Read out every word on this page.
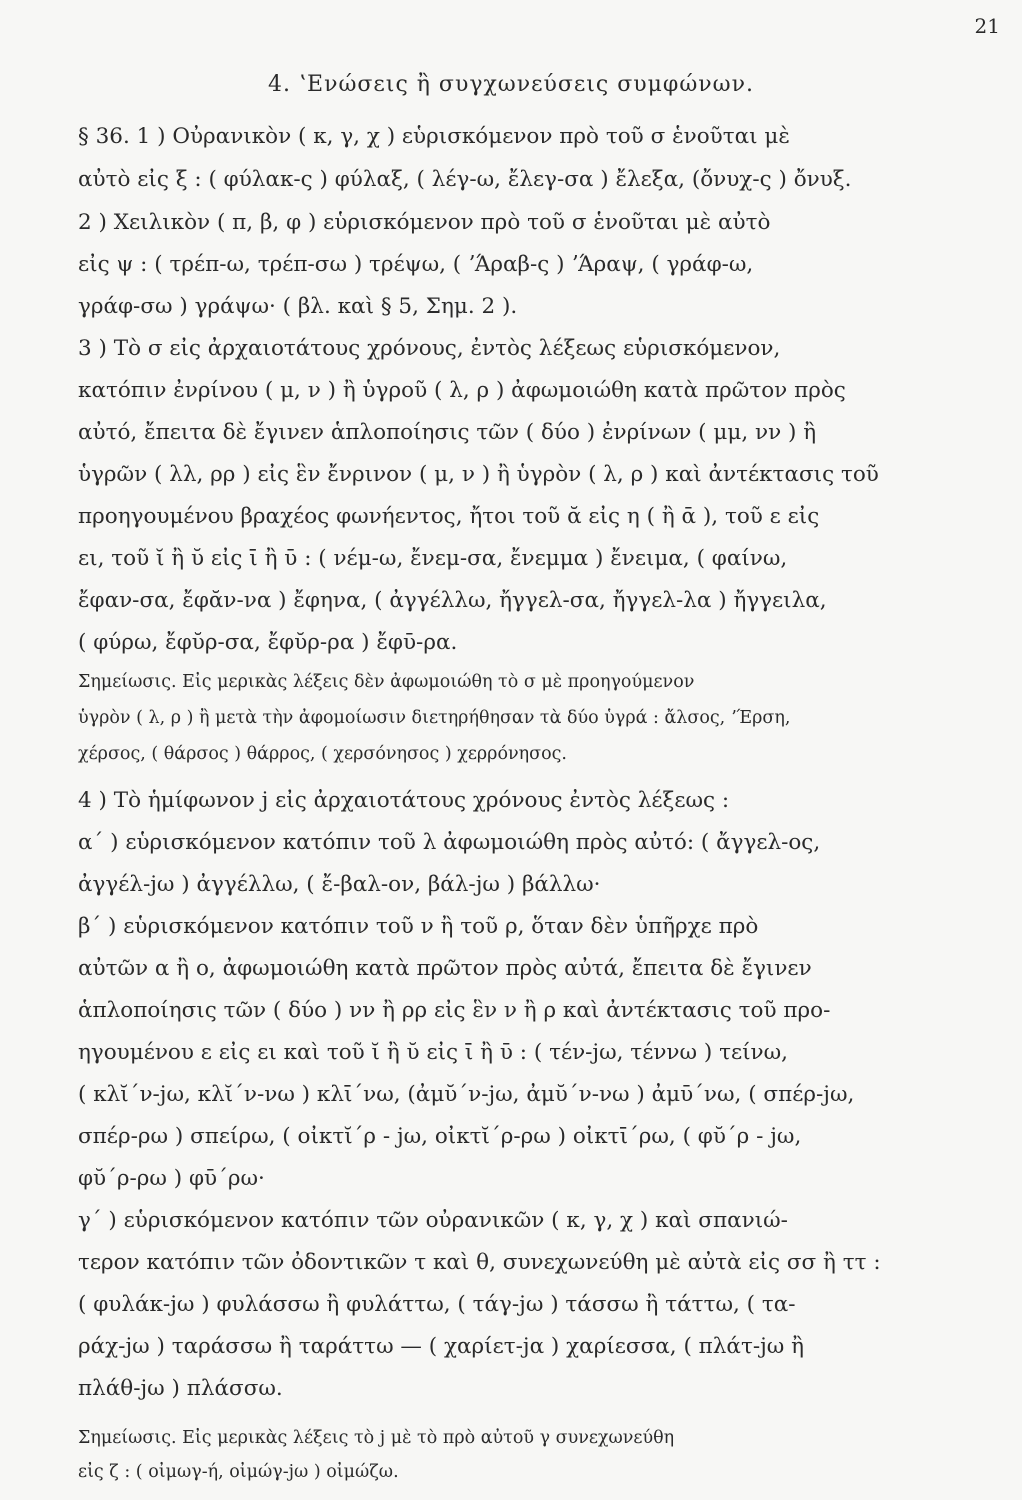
21
4. ʽΕνώσεις ἢ συγχωνεύσεις συμφώνων.
§ 36. 1 ) Οὐρανικὸν ( κ, γ, χ ) εὑρισκόμενον πρὸ τοῦ σ ἑνοῦται μὲ
αὐτὸ εἰς ξ : ( φύλακ-ς ) φύλαξ, ( λέγ-ω, ἔλεγ-σα ) ἔλεξα, (ὄνυχ-ς ) ὄνυξ.
2 ) Χειλικὸν ( π, β, φ ) εὑρισκόμενον πρὸ τοῦ σ ἑνοῦται μὲ αὐτὸ
εἰς ψ : ( τρέπ-ω, τρέπ-σω ) τρέψω, ( ʼΆραβ-ς ) ʼΆραψ, ( γράφ-ω,
γράφ-σω ) γράψω· ( βλ. καὶ § 5, Σημ. 2 ).
3 ) Τὸ σ εἰς ἀρχαιοτάτους χρόνους, ἐντὸς λέξεως εὑρισκόμενον,
κατόπιν ἐνρίνου ( μ, ν ) ἢ ὑγροῦ ( λ, ρ ) ἀφωμοιώθη κατὰ πρῶτον πρὸς
αὐτό, ἔπειτα δὲ ἔγινεν ἁπλοποίησις τῶν ( δύο ) ἐνρίνων ( μμ, νν ) ἢ
ὑγρῶν ( λλ, ρρ ) εἰς ἓν ἔνρινον ( μ, ν ) ἢ ὑγρὸν ( λ, ρ ) καὶ ἀντέκτασις τοῦ
προηγουμένου βραχέος φωνήεντος, ἤτοι τοῦ ᾰ εἰς η ( ἢ ᾱ ), τοῦ ε εἰς
ει, τοῦ ῐ ἢ ῠ εἰς ῑ ἢ ῡ : ( νέμ-ω, ἔνεμ-σα, ἔνεμμα ) ἔνειμα, ( φαίνω,
ἔφαν-σα, ἔφᾰν-να ) ἔφηνα, ( ἀγγέλλω, ἤγγελ-σα, ἤγγελ-λα ) ἤγγειλα,
( φύρω, ἔφῠρ-σα, ἔφῠρ-ρα ) ἔφῡ-ρα.
Σημείωσις. Εἰς μερικὰς λέξεις δὲν ἀφωμοιώθη τὸ σ μὲ προηγούμενον
ὑγρὸν ( λ, ρ ) ἢ μετὰ τὴν ἀφομοίωσιν διετηρήθησαν τὰ δύο ὑγρά : ἄλσος, ʼΈρση,
χέρσος, ( θάρσος ) θάρρος, ( χερσόνησος ) χερρόνησος.
4 ) Τὸ ἡμίφωνον j εἰς ἀρχαιοτάτους χρόνους ἐντὸς λέξεως :
α΄ ) εὑρισκόμενον κατόπιν τοῦ λ ἀφωμοιώθη πρὸς αὐτό: ( ἄγγελ-ος,
ἀγγέλ-jω ) ἀγγέλλω, ( ἔ-βαλ-ον, βάλ-jω ) βάλλω·
β΄ ) εὑρισκόμενον κατόπιν τοῦ ν ἢ τοῦ ρ, ὅταν δὲν ὑπῆρχε πρὸ
αὐτῶν α ἢ ο, ἀφωμοιώθη κατὰ πρῶτον πρὸς αὐτά, ἔπειτα δὲ ἔγινεν
ἁπλοποίησις τῶν ( δύο ) νν ἢ ρρ εἰς ἓν ν ἢ ρ καὶ ἀντέκτασις τοῦ προ-
ηγουμένου ε εἰς ει καὶ τοῦ ῐ ἢ ῠ εἰς ῑ ἢ ῡ : ( τέν-jω, τέννω ) τείνω,
( κλῐ΄ν-jω, κλῐ΄ν-νω ) κλῑ΄νω, (ἀμῠ΄ν-jω, ἀμῠ΄ν-νω ) ἀμῡ΄νω, ( σπέρ-jω,
σπέρ-ρω ) σπείρω, ( οἰκτῐ΄ρ - jω, οἰκτῐ΄ρ-ρω ) οἰκτῑ΄ρω, ( φῠ΄ρ - jω,
φῠ΄ρ-ρω ) φῡ΄ρω·
γ΄ ) εὑρισκόμενον κατόπιν τῶν οὐρανικῶν ( κ, γ, χ ) καὶ σπανιώ-
τερον κατόπιν τῶν ὀδοντικῶν τ καὶ θ, συνεχωνεύθη μὲ αὐτὰ εἰς σσ ἢ ττ :
( φυλάκ-jω ) φυλάσσω ἢ φυλάττω, ( τάγ-jω ) τάσσω ἢ τάττω, ( τα-
ράχ-jω ) ταράσσω ἢ ταράττω — ( χαρίετ-jα ) χαρίεσσα, ( πλάτ-jω ἢ
πλάθ-jω ) πλάσσω.
Σημείωσις. Εἰς μερικὰς λέξεις τὸ j μὲ τὸ πρὸ αὐτοῦ γ συνεχωνεύθη
εἰς ζ : ( οἰμωγ-ή, οἰμώγ-jω ) οἰμώζω.
